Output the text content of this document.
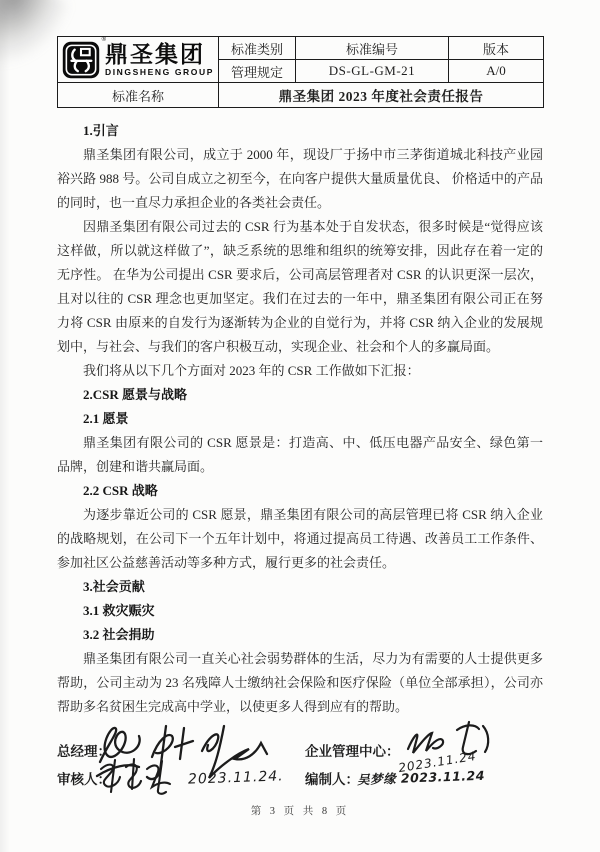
®
鼎圣集团
DINGSHENG GROUP	标准类别	标准编号	版本
	管理规定	DS-GL-GM-21	A/0
标准名称	鼎圣集团 2023 年度社会责任报告		
1.引言
鼎圣集团有限公司，成立于 2000 年，现设厂于扬中市三茅街道城北科技产业园裕兴路 988 号。公司自成立之初至今，在向客户提供大量质量优良、 价格适中的产品的同时，也一直尽力承担企业的各类社会责任。
因鼎圣集团有限公司过去的 CSR 行为基本处于自发状态，很多时候是“觉得应该这样做，所以就这样做了”，缺乏系统的思维和组织的统筹安排，因此存在着一定的无序性。 在华为公司提出 CSR 要求后，公司高层管理者对 CSR 的认识更深一层次，且对以往的 CSR 理念也更加坚定。我们在过去的一年中，鼎圣集团有限公司正在努力将 CSR 由原来的自发行为逐渐转为企业的自觉行为，并将 CSR 纳入企业的发展规划中，与社会、与我们的客户积极互动，实现企业、社会和个人的多赢局面。
我们将从以下几个方面对 2023 年的 CSR 工作做如下汇报：
2.CSR 愿景与战略
2.1 愿景
鼎圣集团有限公司的 CSR 愿景是：打造高、中、低压电器产品安全、绿色第一品牌，创建和谐共赢局面。
2.2 CSR 战略
为逐步靠近公司的 CSR 愿景，鼎圣集团有限公司的高层管理已将 CSR 纳入企业的战略规划，在公司下一个五年计划中，将通过提高员工待遇、改善员工工作条件、参加社区公益慈善活动等多种方式，履行更多的社会责任。
3.社会贡献
3.1 救灾赈灾
3.2 社会捐助
鼎圣集团有限公司一直关心社会弱势群体的生活，尽力为有需要的人士提供更多帮助，公司主动为 23 名残障人士缴纳社会保险和医疗保险（单位全部承担），公司亦帮助多名贫困生完成高中学业，以使更多人得到应有的帮助。
总经理：	企业管理中心：
2023.11.24
审核人：	2023.11.24. 编制人：
吴梦缘 2023.11.24
第 3 页 共 8 页
